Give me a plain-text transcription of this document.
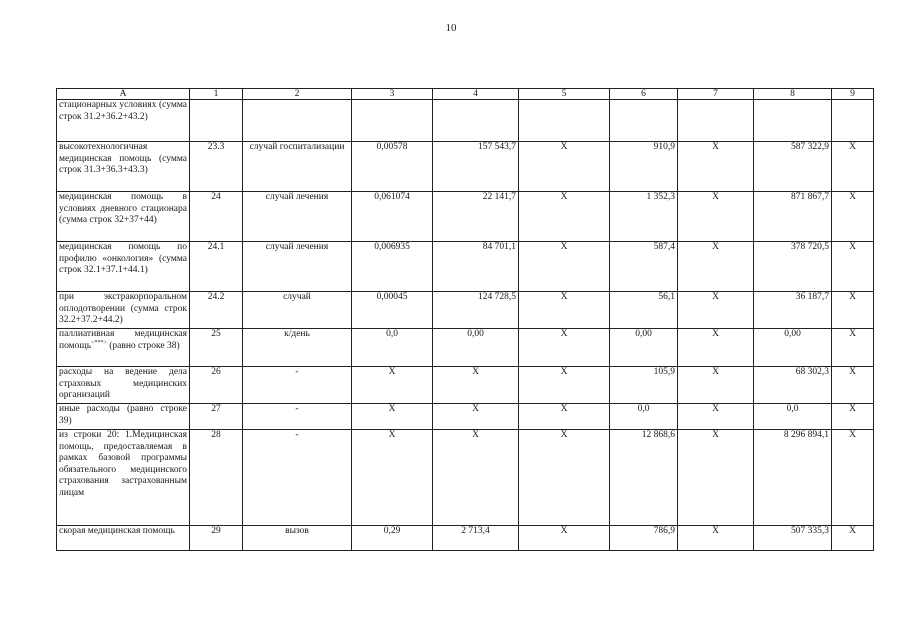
10
А	1	2	3	4	5	6	7	8	9
стационарных условиях (сумма строк 31.2+36.2+43.2)									
высокотехнологичная медицинская помощь (сумма строк 31.3+36.3+43.3)	23.3	случай госпитализации	0,00578	157 543,7	Х	910,9	Х	587 322,9	Х
медицинская помощь в условиях дневного стационара (сумма строк 32+37+44)	24	случай лечения	0,061074	22 141,7	Х	1 352,3	Х	871 867,7	Х
медицинская помощь по профилю «онкология» (сумма строк 32.1+37.1+44.1)	24.1	случай лечения	0,006935	84 701,1	Х	587,4	Х	378 720,5	Х
при экстракорпоральном оплодотворении (сумма строк 32.2+37.2+44.2)	24.2	случай	0,00045	124 728,5	Х	56,1	Х	36 187,7	Х
паллиативная медицинская помощь<***> (равно строке 38)	25	к/день	0,0	0,00	Х	0,00	Х	0,00	Х
расходы на ведение дела страховых медицинских организаций	26	-	Х	Х	Х	105,9	Х	68 302,3	Х
иные расходы (равно строке 39)	27	-	Х	Х	Х	0,0	Х	0,0	Х
из строки 20: 1.Медицинская помощь, предоставляемая в рамках базовой программы обязательного медицинского страхования застрахованным лицам	28	-	Х	Х	Х	12 868,6	Х	8 296 894,1	Х
скорая медицинская помощь	29	вызов	0,29	2 713,4	Х	786,9	Х	507 335,3	Х
